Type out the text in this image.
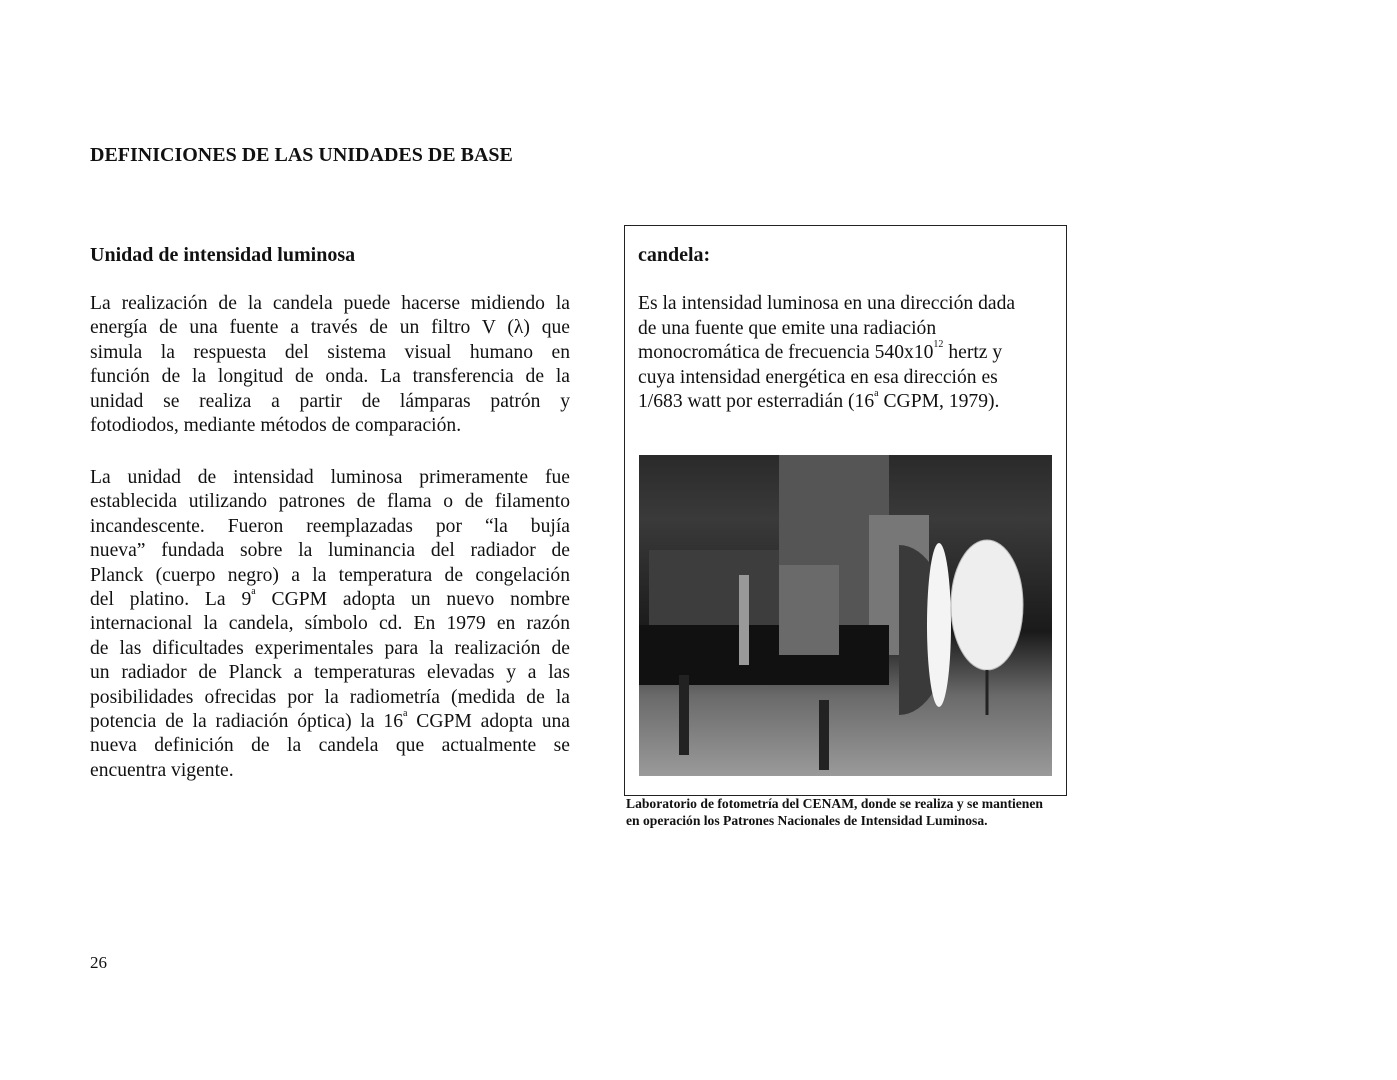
DEFINICIONES DE LAS UNIDADES DE BASE
Unidad de intensidad luminosa
La realización de la candela puede hacerse midiendo la
energía de una fuente a través de un filtro V (λ) que
simula la respuesta del sistema visual humano en
función de la longitud de onda. La transferencia de la
unidad se realiza a partir de lámparas patrón y
fotodiodos, mediante métodos de comparación.
La unidad de intensidad luminosa primeramente fue
establecida utilizando patrones de flama o de filamento
incandescente. Fueron reemplazadas por “la bujía
nueva” fundada sobre la luminancia del radiador de
Planck (cuerpo negro) a la temperatura de congelación
del platino. La 9$^a$ CGPM adopta un nuevo nombre
internacional la candela, símbolo cd. En 1979 en razón
de las dificultades experimentales para la realización de
un radiador de Planck a temperaturas elevadas y a las
posibilidades ofrecidas por la radiometría (medida de la
potencia de la radiación óptica) la 16$^a$ CGPM adopta una
nueva definición de la candela que actualmente se
encuentra vigente.
candela:
Es la intensidad luminosa en una dirección dada
de una fuente que emite una radiación
monocromática de frecuencia $540x10^{12}$ hertz y
cuya intensidad energética en esa dirección es
1/683 watt por esterradián (16$^a$ CGPM, 1979).
Laboratorio de fotometría del CENAM, donde se realiza y se mantienen en operación los Patrones Nacionales de Intensidad Luminosa.
26
